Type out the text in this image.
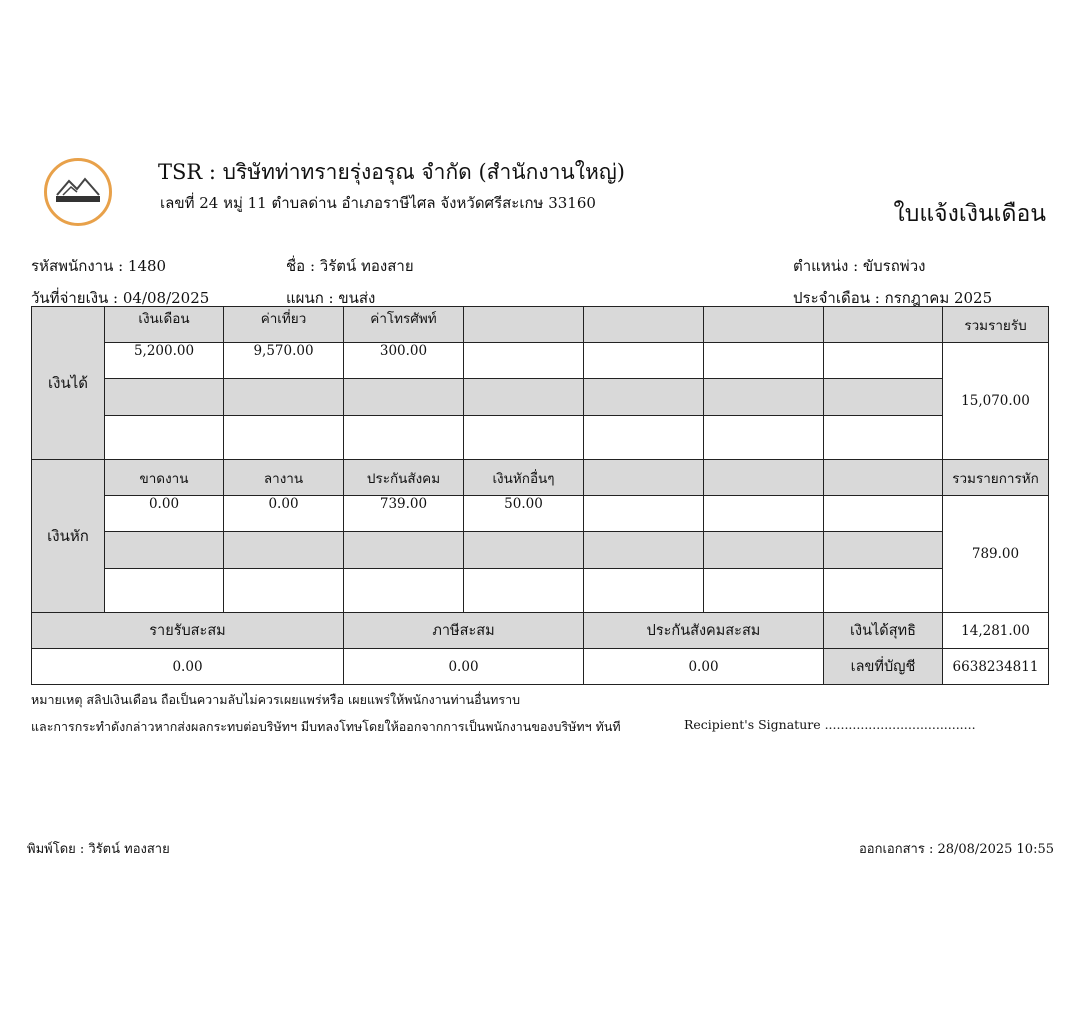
TSR : บริษัทท่าทรายรุ่งอรุณ จำกัด (สำนักงานใหญ่)
เลขที่ 24 หมู่ 11 ตำบลด่าน อำเภอราษีไศล จังหวัดศรีสะเกษ 33160	ใบแจ้งเงินเดือน
รหัสพนักงาน : 1480	ชื่อ : วิรัตน์ ทองสาย	ตำแหน่ง : ขับรถพ่วง
วันที่จ่ายเงิน : 04/08/2025	แผนก : ขนส่ง	ประจำเดือน : กรกฎาคม 2025
เงินได้	เงินเดือน	ค่าเที่ยว	ค่าโทรศัพท์					รวมรายรับ
	5,200.00	9,570.00	300.00					15,070.00

เงินหัก	ขาดงาน	ลางาน	ประกันสังคม	เงินหักอื่นๆ				รวมรายการหัก
	0.00	0.00	739.00	50.00				789.00

รายรับสะสม			ภาษีสะสม		ประกันสังคมสะสม		เงินได้สุทธิ	14,281.00
0.00			0.00		0.00		เลขที่บัญชี	6638234811
หมายเหตุ สลิปเงินเดือน ถือเป็นความลับไม่ควรเผยแพร่หรือ เผยแพร่ให้พนักงานท่านอื่นทราบ
และการกระทำดังกล่าวหากส่งผลกระทบต่อบริษัทฯ มีบทลงโทษโดยให้ออกจากการเป็นพนักงานของบริษัทฯ ทันที	Recipient's Signature ......................................
พิมพ์โดย : วิรัตน์ ทองสาย	ออกเอกสาร : 28/08/2025 10:55
